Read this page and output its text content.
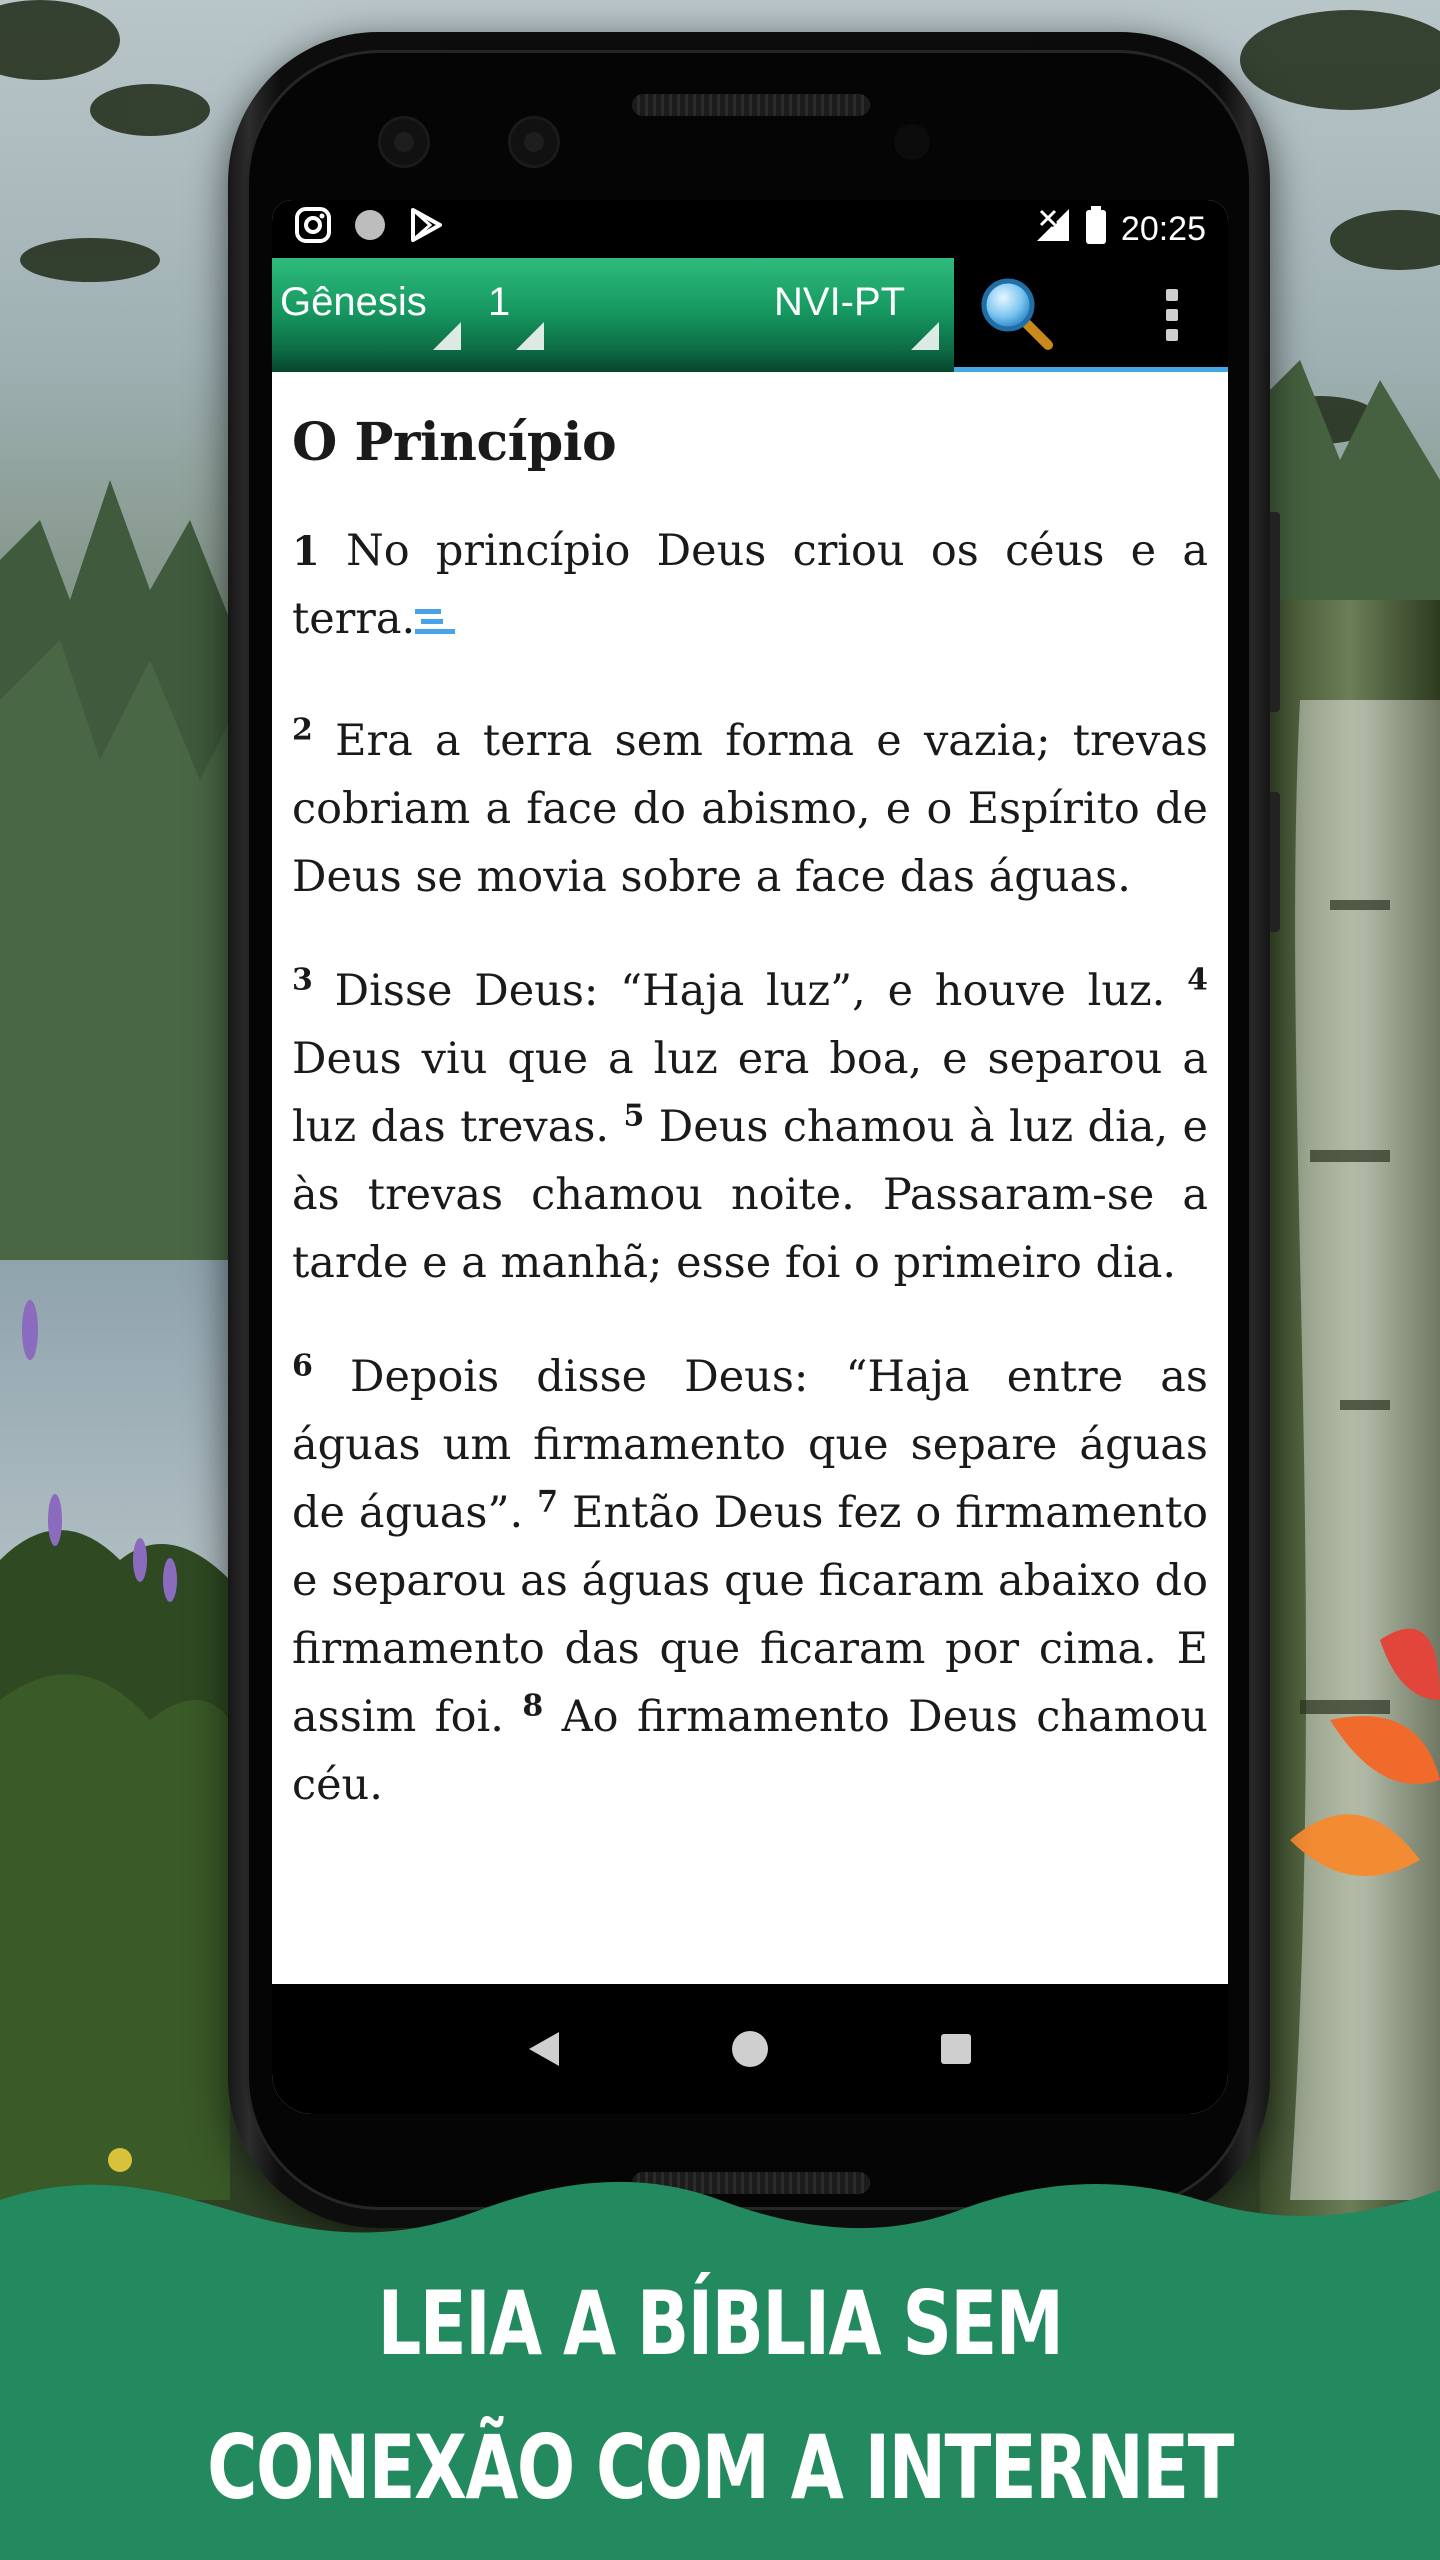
20:25
Gênesis 1	NVI-PT
O Princípio

1 No princípio Deus criou os céus e a terra.

$^2$ Era a terra sem forma e vazia; trevas cobriam a face do abismo, e o Espírito de Deus se movia sobre a face das águas.

$^3$ Disse Deus: “Haja luz”, e houve luz. $^4$ Deus viu que a luz era boa, e separou a luz das trevas. $^5$ Deus chamou à luz dia, e às trevas chamou noite. Passaram-se a tarde e a manhã; esse foi o primeiro dia.

$^6$ Depois disse Deus: “Haja entre as águas um firmamento que separe águas de águas”. $^7$ Então Deus fez o firmamento e separou as águas que ficaram abaixo do firmamento das que ficaram por cima. E assim foi. $^8$ Ao firmamento Deus chamou céu.

LEIA A BÍBLIA SEM
CONEXÃO COM A INTERNET
